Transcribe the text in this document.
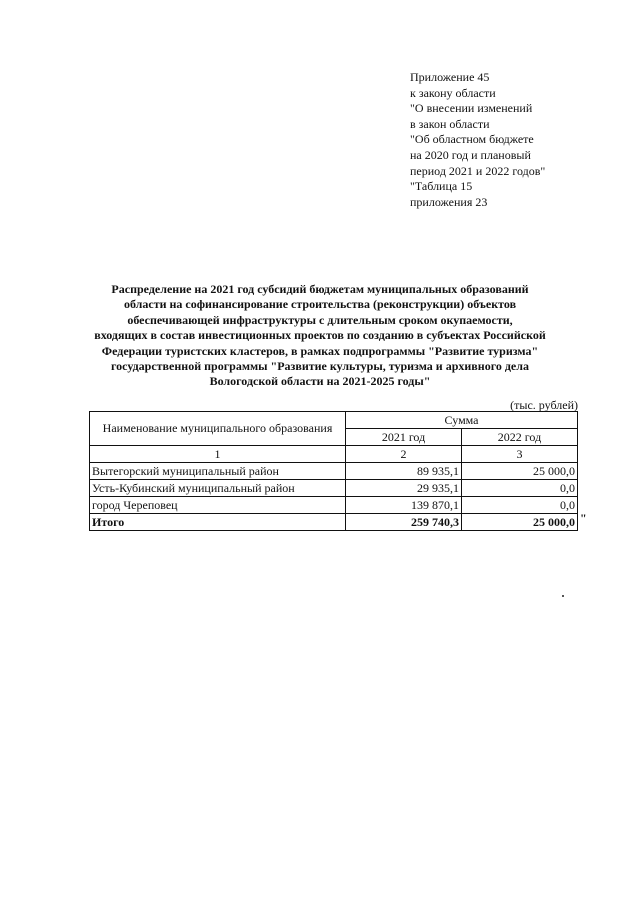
Приложение 45
к закону области
"О внесении изменений
в закон области
"Об областном бюджете
на 2020 год и плановый
период 2021 и 2022 годов"
"Таблица 15
приложения 23
Распределение на 2021 год субсидий бюджетам муниципальных образований
области на софинансирование строительства (реконструкции) объектов
обеспечивающей инфраструктуры с длительным сроком окупаемости,
входящих в состав инвестиционных проектов по созданию в субъектах Российской
Федерации туристских кластеров, в рамках подпрограммы "Развитие туризма"
государственной программы "Развитие культуры, туризма и архивного дела
Вологодской области на 2021-2025 годы"
(тыс. рублей)
Наименование муниципального образования	Сумма	
	2021 год	2022 год
1	2	3
Вытегорский муниципальный район	89 935,1	25 000,0
Усть-Кубинский муниципальный район	29 935,1	0,0
город Череповец	139 870,1	0,0
Итого	259 740,3	25 000,0 "
